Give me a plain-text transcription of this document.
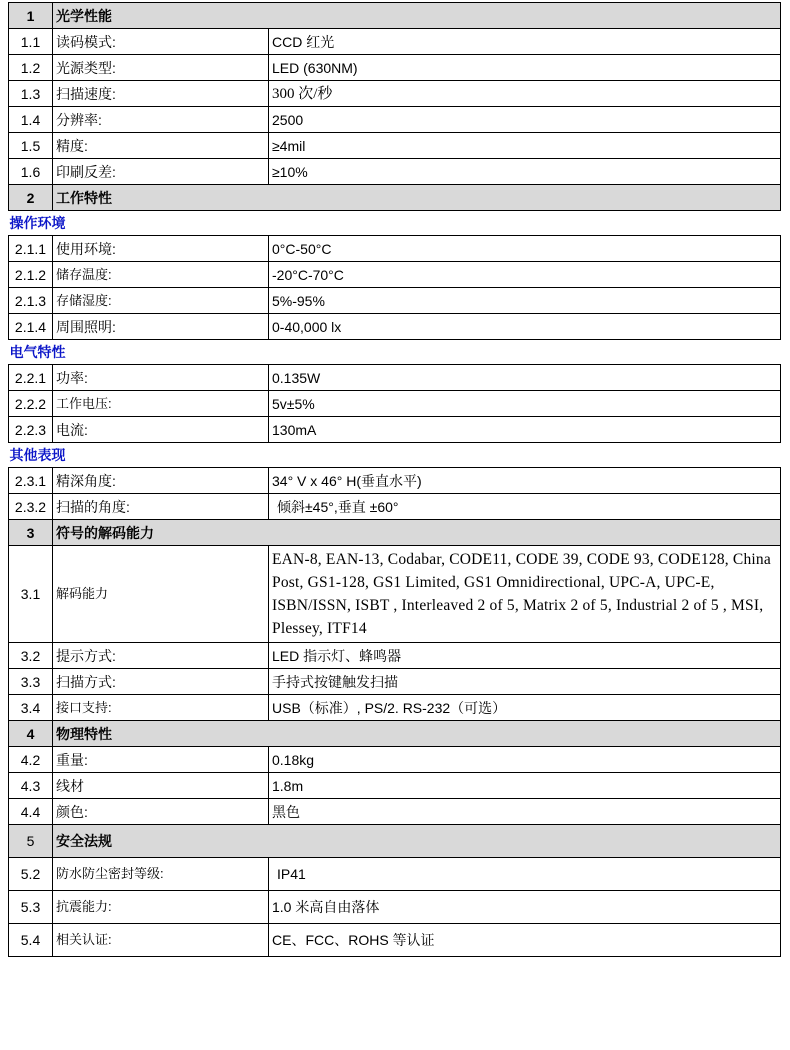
1	光学性能	
1.1	读码模式:	CCD 红光
1.2	光源类型:	LED (630NM)
1.3	扫描速度:	300 次/秒
1.4	分辨率:	2500
1.5	精度:	≥4mil
1.6	印刷反差:	≥10%
2	工作特性	
操作环境		
2.1.1	使用环境:	0°C-50°C
2.1.2	储存温度:	-20°C-70°C
2.1.3	存储湿度:	5%-95%
2.1.4	周围照明:	0-40,000 lx
电气特性		
2.2.1	功率:	0.135W
2.2.2	工作电压:	5v±5%
2.2.3	电流:	130mA
其他表现		
2.3.1	精深角度:	34° V x 46° H(垂直水平)
2.3.2	扫描的角度:	倾斜±45°,垂直 ±60°
3	符号的解码能力	
3.1	解码能力	EAN-8, EAN-13, Codabar, CODE11, CODE 39, CODE 93, CODE128, China Post, GS1-128, GS1 Limited, GS1 Omnidirectional, UPC-A, UPC-E, ISBN/ISSN, ISBT , Interleaved 2 of 5, Matrix 2 of 5, Industrial 2 of 5 , MSI, Plessey, ITF14
3.2	提示方式:	LED 指示灯、蜂鸣器
3.3	扫描方式:	手持式按键触发扫描
3.4	接口支持:	USB（标准）, PS/2. RS-232（可选）
4	物理特性	
4.2	重量:	0.18kg
4.3	线材	1.8m
4.4	颜色:	黑色
5	安全法规	
5.2	防水防尘密封等级:	IP41
5.3	抗震能力:	1.0 米高自由落体
5.4	相关认证:	CE、FCC、ROHS 等认证
